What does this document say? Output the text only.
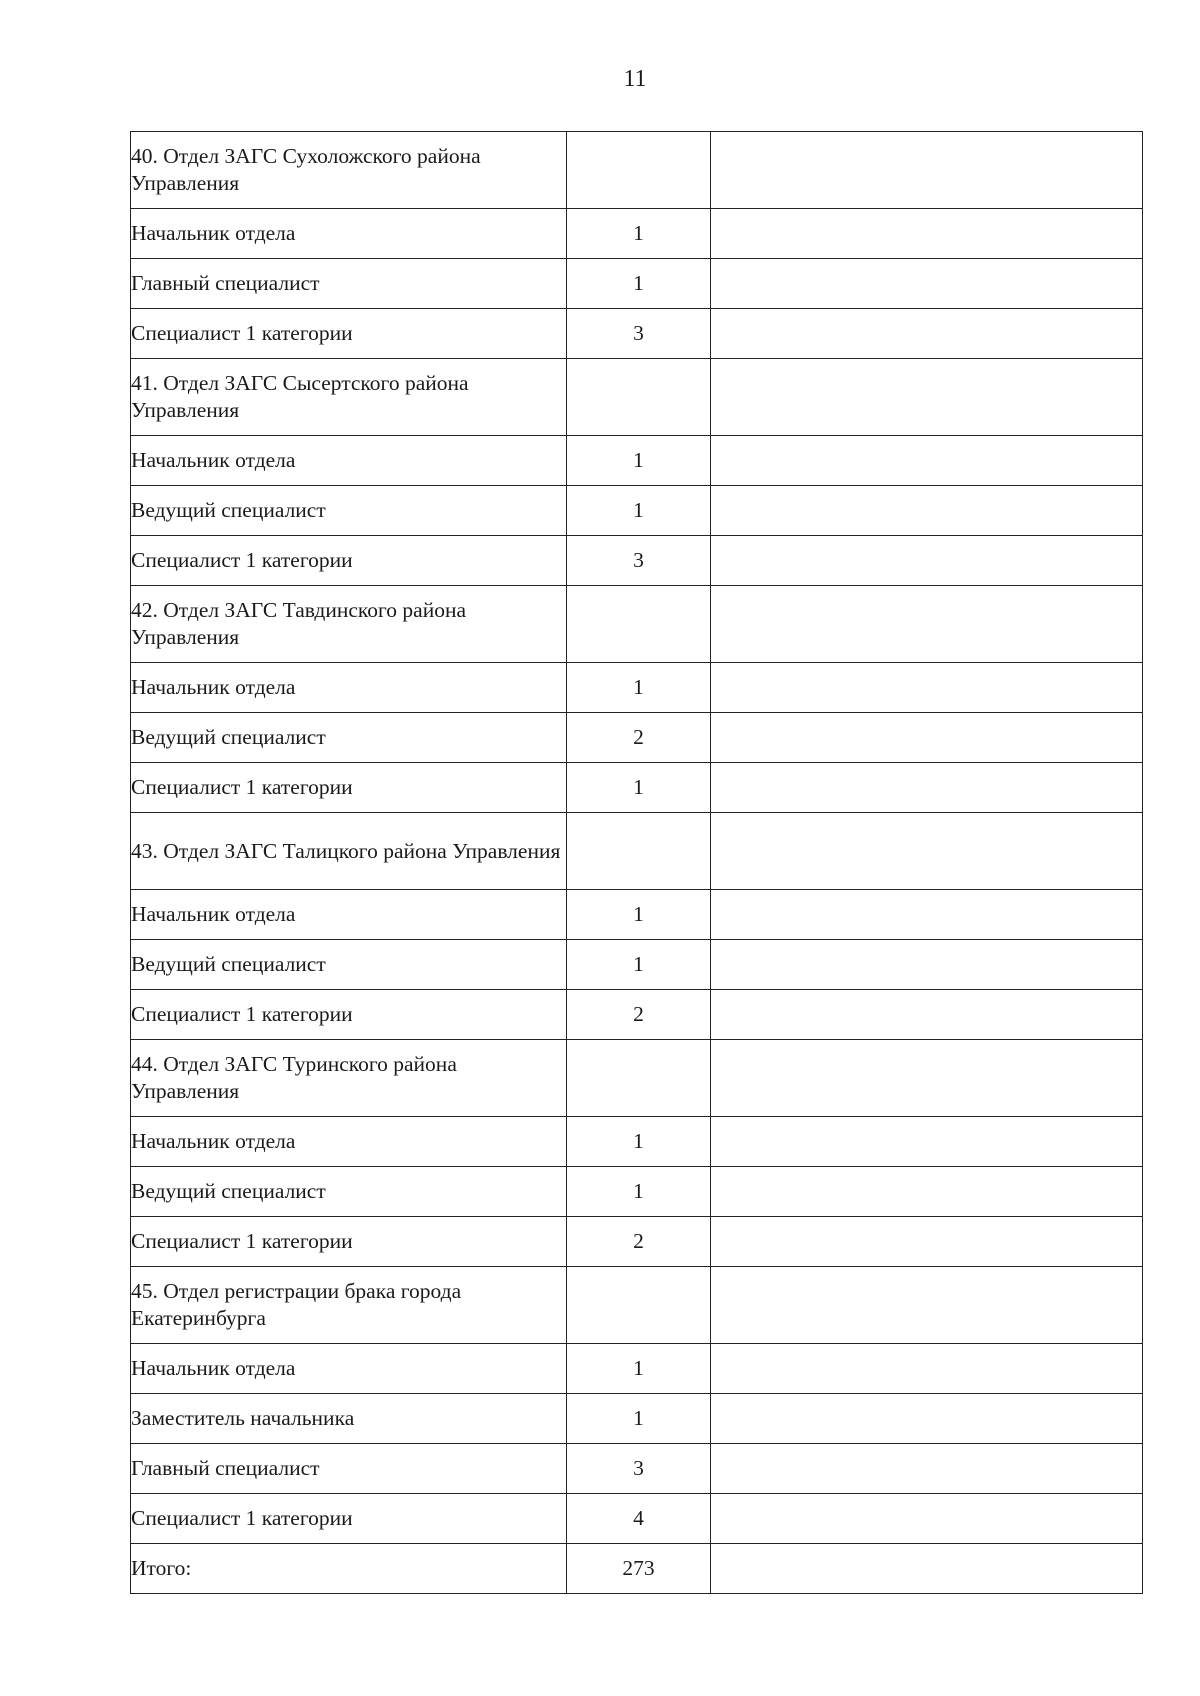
11
40. Отдел ЗАГС Сухоложского района Управления		
Начальник отдела	1	
Главный специалист	1	
Специалист 1 категории	3	
41. Отдел ЗАГС Сысертского района Управления		
Начальник отдела	1	
Ведущий специалист	1	
Специалист 1 категории	3	
42. Отдел ЗАГС Тавдинского района Управления		
Начальник отдела	1	
Ведущий специалист	2	
Специалист 1 категории	1	
43. Отдел ЗАГС Талицкого района Управления		
Начальник отдела	1	
Ведущий специалист	1	
Специалист 1 категории	2	
44. Отдел ЗАГС Туринского района Управления		
Начальник отдела	1	
Ведущий специалист	1	
Специалист 1 категории	2	
45. Отдел регистрации брака города Екатеринбурга		
Начальник отдела	1	
Заместитель начальника	1	
Главный специалист	3	
Специалист 1 категории	4	
Итого:	273	
